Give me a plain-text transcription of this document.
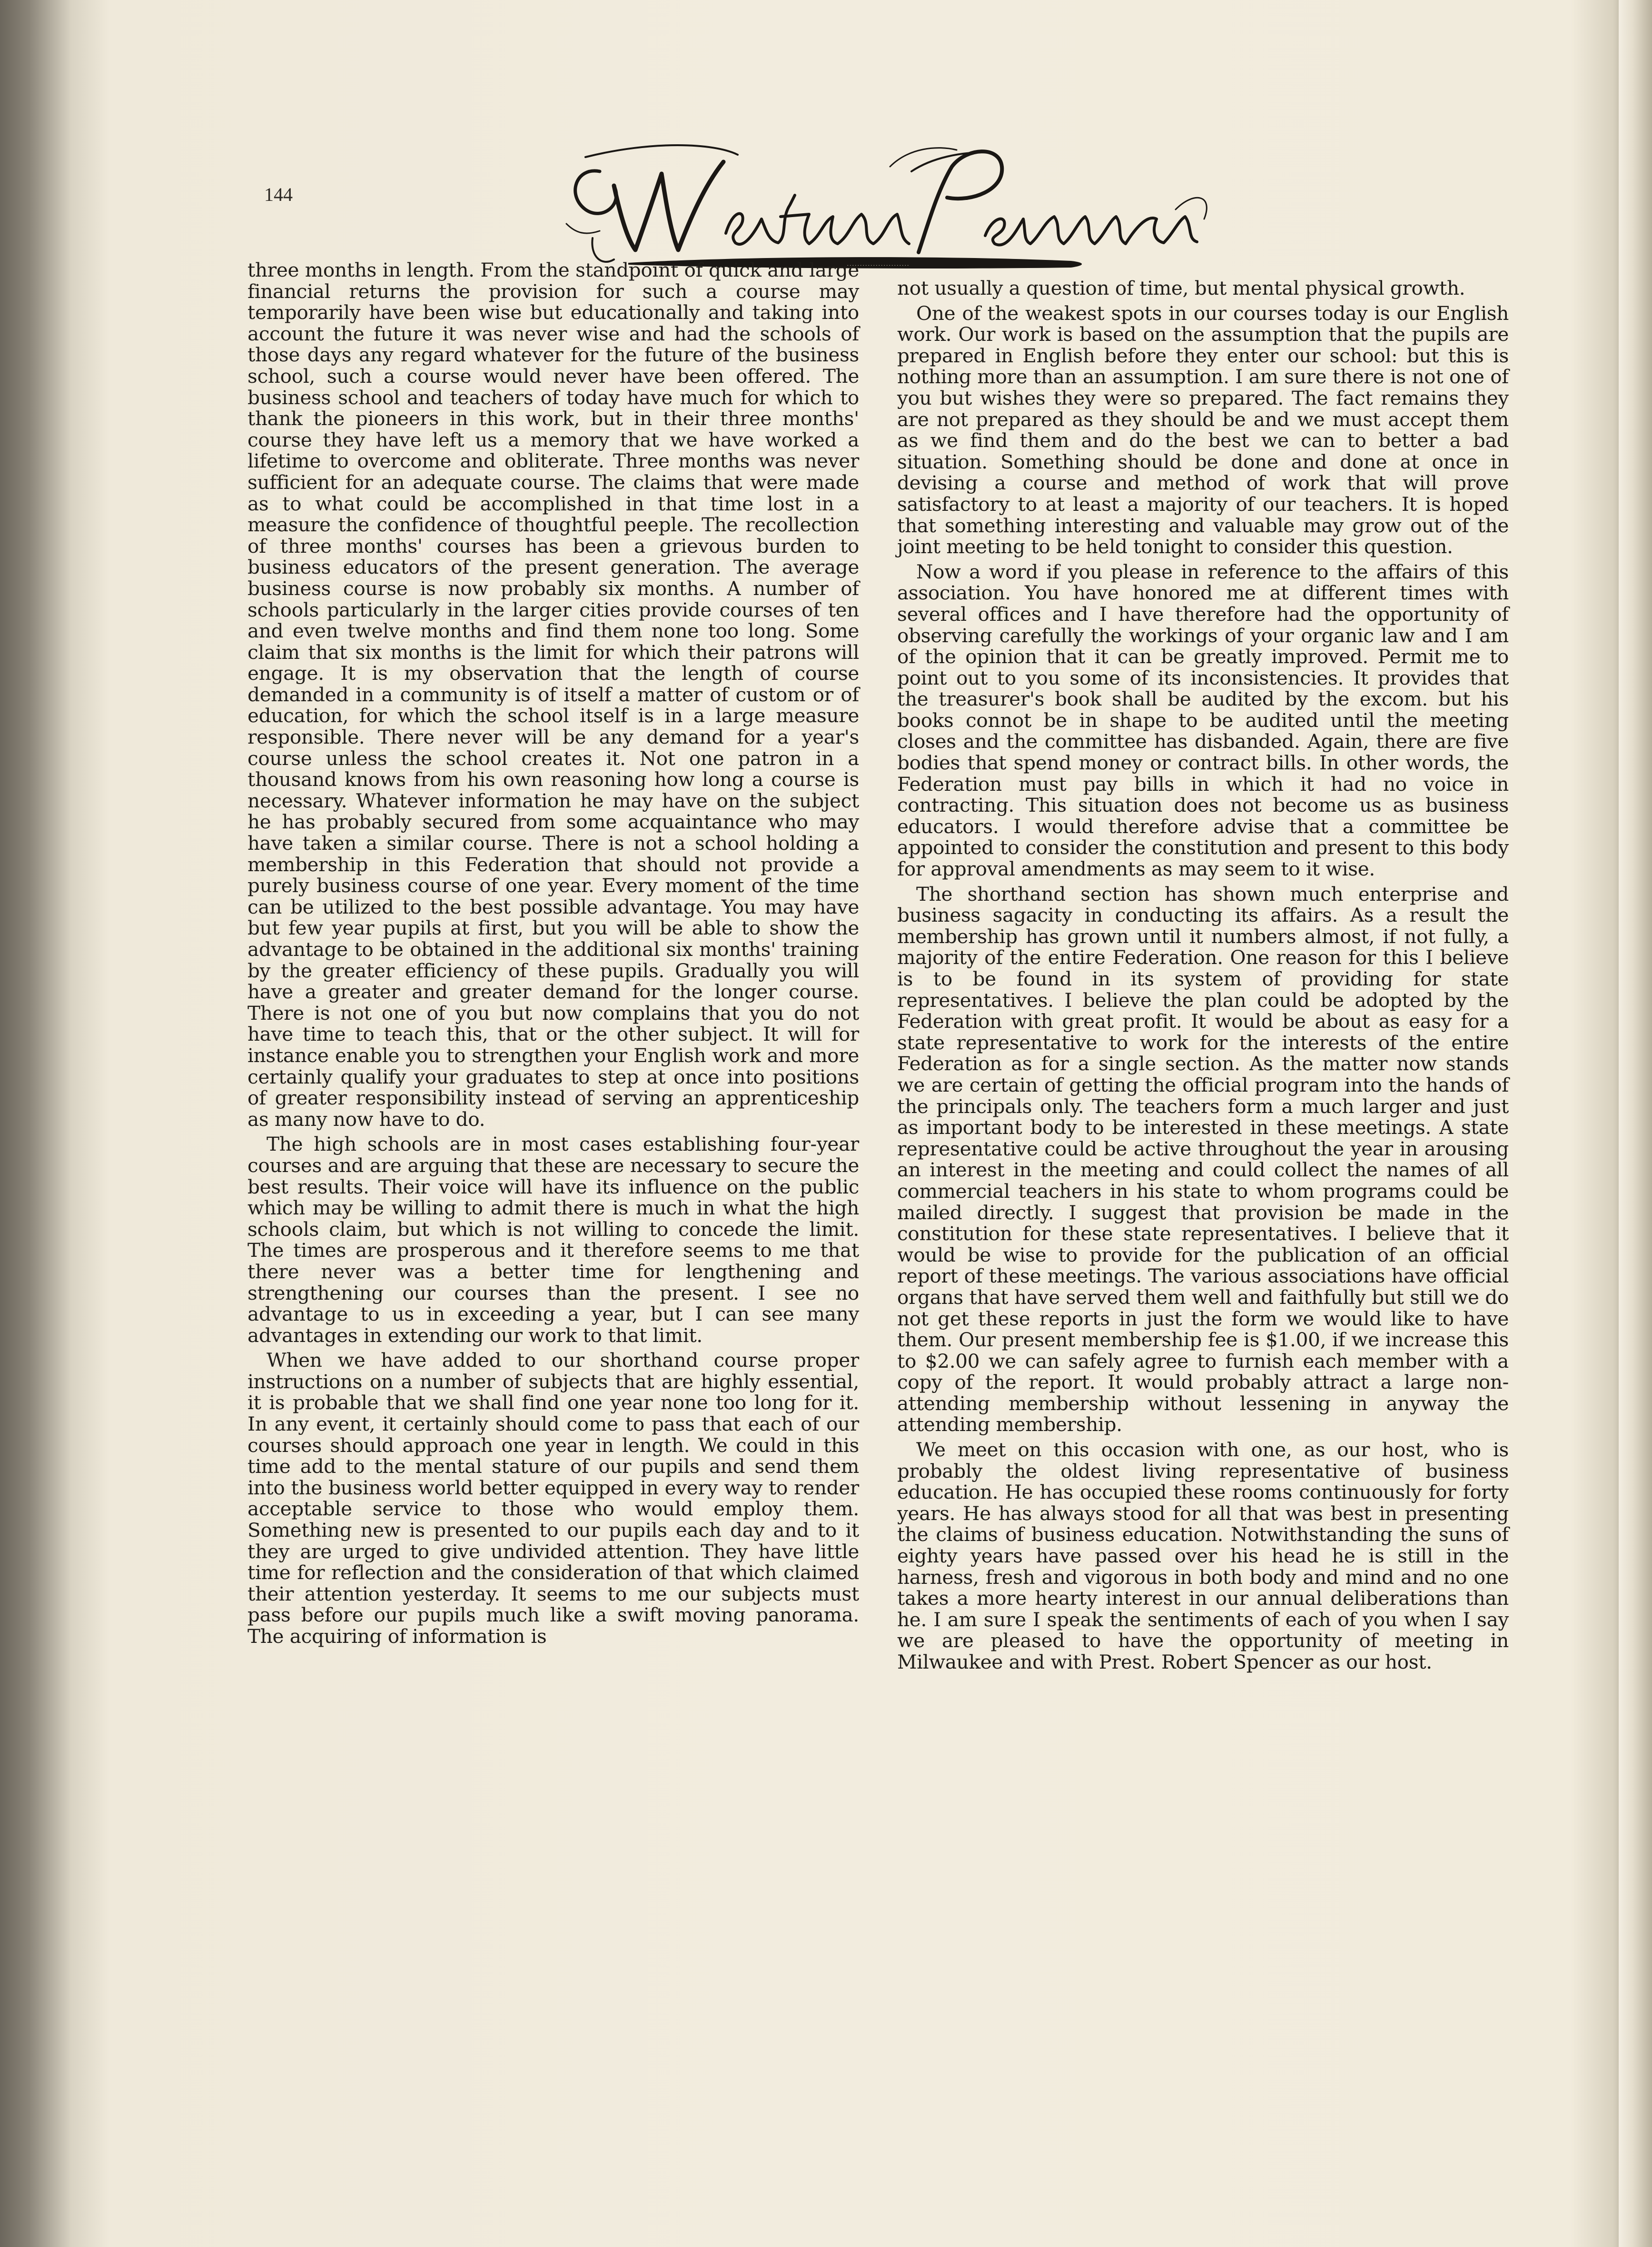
144
........................

three months in length. From the standpoint of quick and large financial returns the provision for such a course may temporarily have been wise but educationally and taking into account the future it was never wise and had the schools of those days any regard whatever for the future of the business school, such a course would never have been offered. The business school and teachers of today have much for which to thank the pioneers in this work, but in their three months' course they have left us a memory that we have worked a lifetime to overcome and obliterate. Three months was never sufficient for an adequate course. The claims that were made as to what could be accomplished in that time lost in a measure the confidence of thoughtful peeple. The recollection of three months' courses has been a grievous burden to business educators of the present generation. The average business course is now probably six months. A number of schools particularly in the larger cities provide courses of ten and even twelve months and find them none too long. Some claim that six months is the limit for which their patrons will engage. It is my observation that the length of course demanded in a community is of itself a matter of custom or of education, for which the school itself is in a large measure responsible. There never will be any demand for a year's course unless the school creates it. Not one patron in a thousand knows from his own reasoning how long a course is necessary. Whatever information he may have on the subject he has probably secured from some acquaintance who may have taken a similar course. There is not a school holding a membership in this Federation that should not provide a purely business course of one year. Every moment of the time can be utilized to the best possible advantage. You may have but few year pupils at first, but you will be able to show the advantage to be obtained in the additional six months' training by the greater efficiency of these pupils. Gradually you will have a greater and greater demand for the longer course. There is not one of you but now complains that you do not have time to teach this, that or the other subject. It will for instance enable you to strengthen your English work and more certainly qualify your graduates to step at once into positions of greater responsibility instead of serving an apprenticeship as many now have to do.

The high schools are in most cases establishing four-year courses and are arguing that these are necessary to secure the best results. Their voice will have its influence on the public which may be willing to admit there is much in what the high schools claim, but which is not willing to concede the limit. The times are prosperous and it therefore seems to me that there never was a better time for lengthening and strengthening our courses than the present. I see no advantage to us in exceeding a year, but I can see many advantages in extending our work to that limit.

When we have added to our shorthand course proper instructions on a number of subjects that are highly essential, it is probable that we shall find one year none too long for it. In any event, it certainly should come to pass that each of our courses should approach one year in length. We could in this time add to the mental stature of our pupils and send them into the business world better equipped in every way to render acceptable service to those who would employ them. Something new is presented to our pupils each day and to it they are urged to give undivided attention. They have little time for reflection and the consideration of that which claimed their attention yesterday. It seems to me our subjects must pass before our pupils much like a swift moving panorama. The acquiring of information is

not usually a question of time, but mental physical growth.

One of the weakest spots in our courses today is our English work. Our work is based on the assumption that the pupils are prepared in English before they enter our school: but this is nothing more than an assumption. I am sure there is not one of you but wishes they were so prepared. The fact remains they are not prepared as they should be and we must accept them as we find them and do the best we can to better a bad situation. Something should be done and done at once in devising a course and method of work that will prove satisfactory to at least a majority of our teachers. It is hoped that something interesting and valuable may grow out of the joint meeting to be held tonight to consider this question.

Now a word if you please in reference to the affairs of this association. You have honored me at different times with several offices and I have therefore had the opportunity of observing carefully the workings of your organic law and I am of the opinion that it can be greatly improved. Permit me to point out to you some of its inconsistencies. It provides that the treasurer's book shall be audited by the excom. but his books connot be in shape to be audited until the meeting closes and the committee has disbanded. Again, there are five bodies that spend money or contract bills. In other words, the Federation must pay bills in which it had no voice in contracting. This situation does not become us as business educators. I would therefore advise that a committee be appointed to consider the constitution and present to this body for approval amendments as may seem to it wise.

The shorthand section has shown much enterprise and business sagacity in conducting its affairs. As a result the membership has grown until it numbers almost, if not fully, a majority of the entire Federation. One reason for this I believe is to be found in its system of providing for state representatives. I believe the plan could be adopted by the Federation with great profit. It would be about as easy for a state representative to work for the interests of the entire Federation as for a single section. As the matter now stands we are certain of getting the official program into the hands of the principals only. The teachers form a much larger and just as important body to be interested in these meetings. A state representative could be active throughout the year in arousing an interest in the meeting and could collect the names of all commercial teachers in his state to whom programs could be mailed directly. I suggest that provision be made in the constitution for these state representatives. I believe that it would be wise to provide for the publication of an official report of these meetings. The various associations have official organs that have served them well and faithfully but still we do not get these reports in just the form we would like to have them. Our present membership fee is $1.00, if we increase this to $2.00 we can safely agree to furnish each member with a copy of the report. It would probably attract a large non-attending membership without lessening in anyway the attending membership.

We meet on this occasion with one, as our host, who is probably the oldest living representative of business education. He has occupied these rooms continuously for forty years. He has always stood for all that was best in presenting the claims of business education. Notwithstanding the suns of eighty years have passed over his head he is still in the harness, fresh and vigorous in both body and mind and no one takes a more hearty interest in our annual deliberations than he. I am sure I speak the sentiments of each of you when I say we are pleased to have the opportunity of meeting in Milwaukee and with Prest. Robert Spencer as our host.
